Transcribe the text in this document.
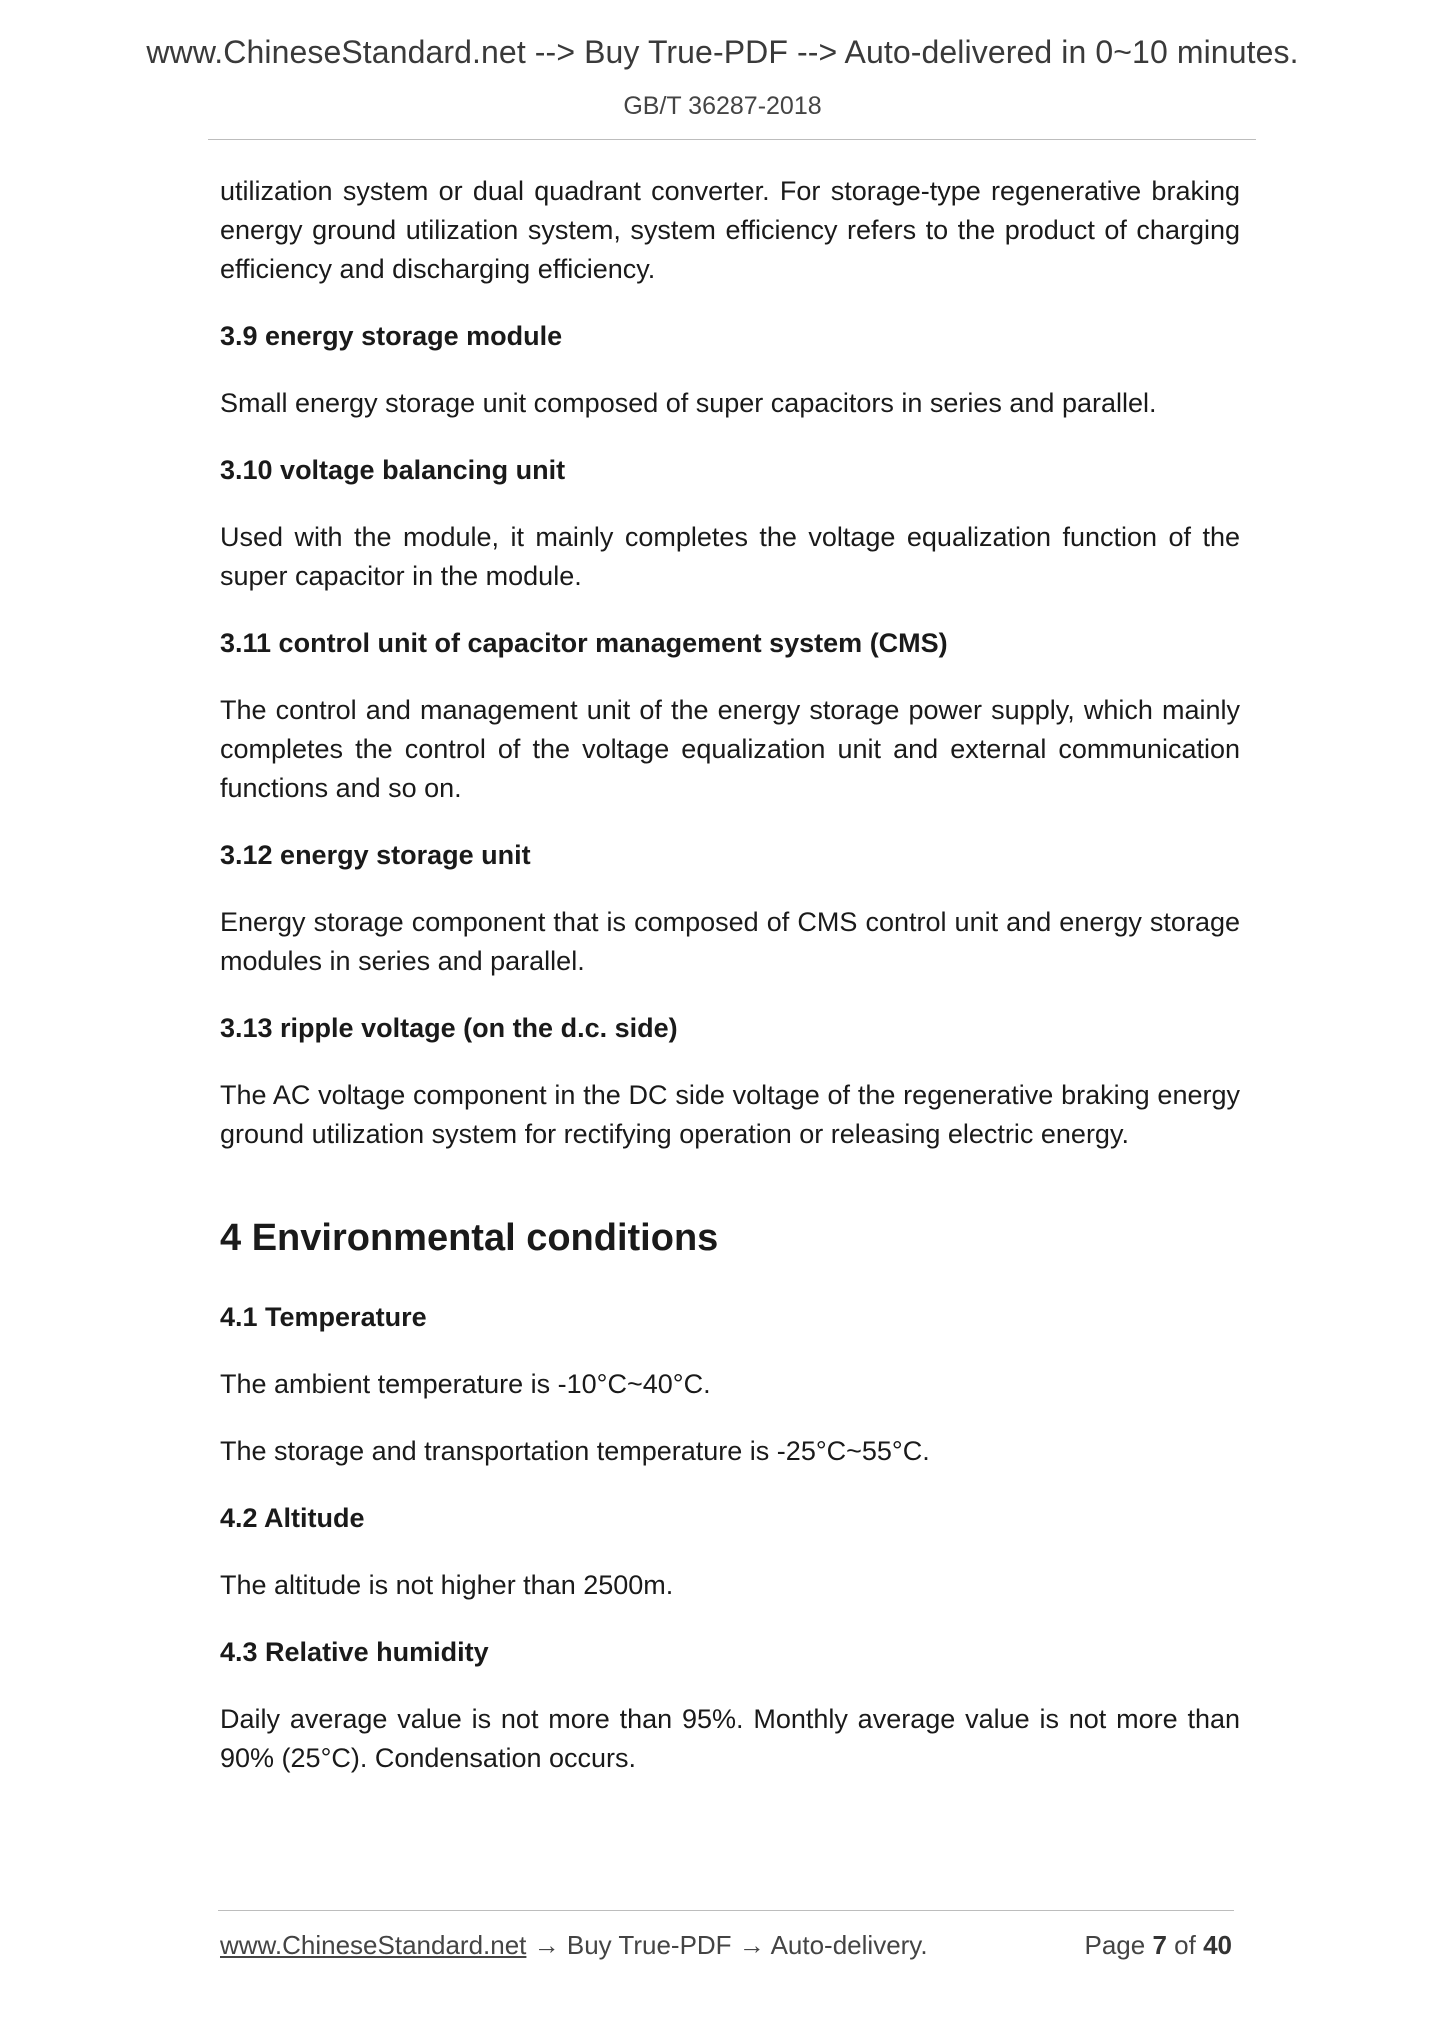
www.ChineseStandard.net --> Buy True-PDF --> Auto-delivered in 0~10 minutes.
GB/T 36287-2018

utilization system or dual quadrant converter. For storage-type regenerative braking energy ground utilization system, system efficiency refers to the product of charging efficiency and discharging efficiency.

3.9 energy storage module

Small energy storage unit composed of super capacitors in series and parallel.

3.10 voltage balancing unit

Used with the module, it mainly completes the voltage equalization function of the super capacitor in the module.

3.11 control unit of capacitor management system (CMS)

The control and management unit of the energy storage power supply, which mainly completes the control of the voltage equalization unit and external communication functions and so on.

3.12 energy storage unit

Energy storage component that is composed of CMS control unit and energy storage modules in series and parallel.

3.13 ripple voltage (on the d.c. side)

The AC voltage component in the DC side voltage of the regenerative braking energy ground utilization system for rectifying operation or releasing electric energy.

4 Environmental conditions
4.1 Temperature

The ambient temperature is -10°C~40°C.

The storage and transportation temperature is -25°C~55°C.

4.2 Altitude

The altitude is not higher than 2500m.

4.3 Relative humidity

Daily average value is not more than 95%. Monthly average value is not more than 90% (25°C). Condensation occurs.

www.ChineseStandard.net → Buy True-PDF → Auto-delivery.	Page 7 of 40
